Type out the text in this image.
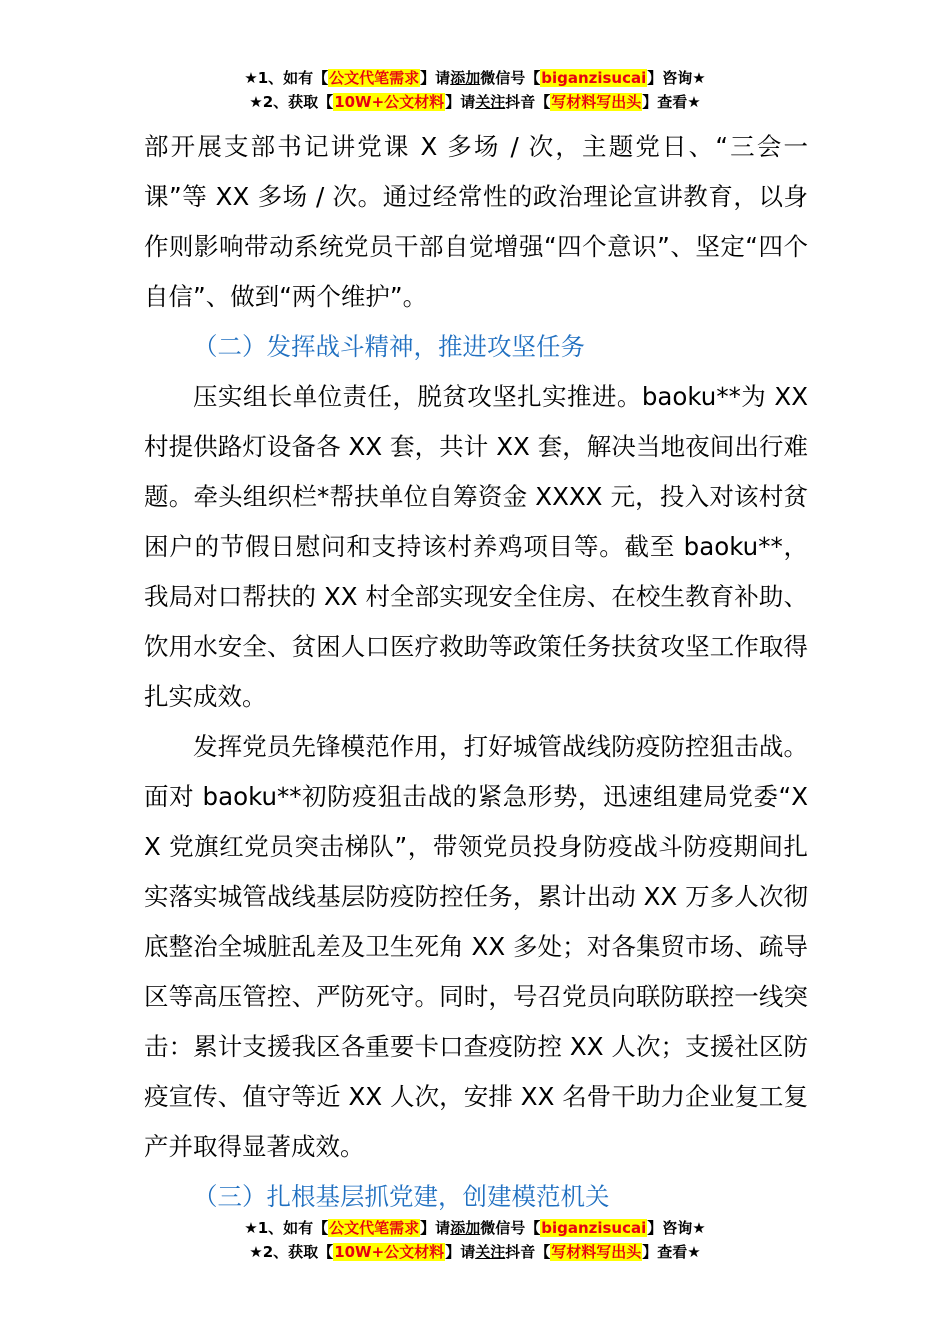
★1、如有【公文代笔需求】请添加微信号【biganzisucai】咨询★
★2、获取【10W+公文材料】请关注抖音【写材料写出头】查看★

部开展支部书记讲党课 X 多场 / 次，主题党日、“三会一课”等 XX 多场 / 次。通过经常性的政治理论宣讲教育，以身作则影响带动系统党员干部自觉增强“四个意识”、坚定“四个自信”、做到“两个维护”。

（二）发挥战斗精神，推进攻坚任务

压实组长单位责任，脱贫攻坚扎实推进。baoku**为 XX 村提供路灯设备各 XX 套，共计 XX 套，解决当地夜间出行难题。牵头组织栏*帮扶单位自筹资金 XXXX 元，投入对该村贫困户的节假日慰问和支持该村养鸡项目等。截至 baoku**，我局对口帮扶的 XX 村全部实现安全住房、在校生教育补助、饮用水安全、贫困人口医疗救助等政策任务扶贫攻坚工作取得扎实成效。

发挥党员先锋模范作用，打好城管战线防疫防控狙击战。面对 baoku**初防疫狙击战的紧急形势，迅速组建局党委“XX 党旗红党员突击梯队”，带领党员投身防疫战斗防疫期间扎实落实城管战线基层防疫防控任务，累计出动 XX 万多人次彻底整治全城脏乱差及卫生死角 XX 多处；对各集贸市场、疏导区等高压管控、严防死守。同时，号召党员向联防联控一线突击：累计支援我区各重要卡口查疫防控 XX 人次；支援社区防疫宣传、值守等近 XX 人次，安排 XX 名骨干助力企业复工复产并取得显著成效。

（三）扎根基层抓党建，创建模范机关

★1、如有【公文代笔需求】请添加微信号【biganzisucai】咨询★
★2、获取【10W+公文材料】请关注抖音【写材料写出头】查看★
